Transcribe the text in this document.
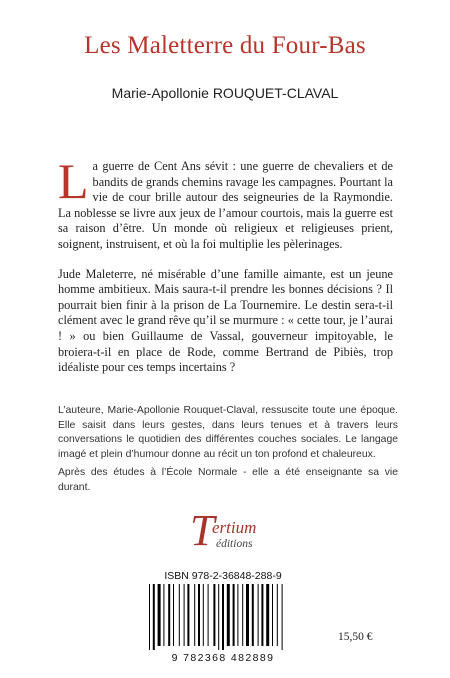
Les Maletterre du Four-Bas
Marie-Apollonie ROUQUET-CLAVAL

La guerre de Cent Ans sévit : une guerre de chevaliers et de bandits de grands chemins ravage les campagnes. Pourtant la vie de cour brille autour des seigneuries de la Raymondie. La noblesse se livre aux jeux de l’amour courtois, mais la guerre est sa raison d’être. Un monde où religieux et religieuses prient, soignent, instruisent, et où la foi multiplie les pèlerinages.

Jude Maleterre, né misérable d’une famille aimante, est un jeune homme ambitieux. Mais saura-t-il prendre les bonnes décisions ? Il pourrait bien finir à la prison de La Tournemire. Le destin sera-t-il clément avec le grand rêve qu’il se murmure : « cette tour, je l’aurai ! » ou bien Guillaume de Vassal, gouverneur impitoyable, le broiera-t-il en place de Rode, comme Bertrand de Pibiès, trop idéaliste pour ces temps incertains ?

L’auteure, Marie-Apollonie Rouquet-Claval, ressuscite toute une époque. Elle saisit dans leurs gestes, dans leurs tenues et à travers leurs conversations le quotidien des différentes couches sociales. Le langage imagé et plein d’humour donne au récit un ton profond et chaleureux.

Après des études à l’École Normale - elle a été enseignante sa vie durant.

T
ertium
éditions
ISBN 978-2-36848-288-9
9 782368 482889
15,50 €
